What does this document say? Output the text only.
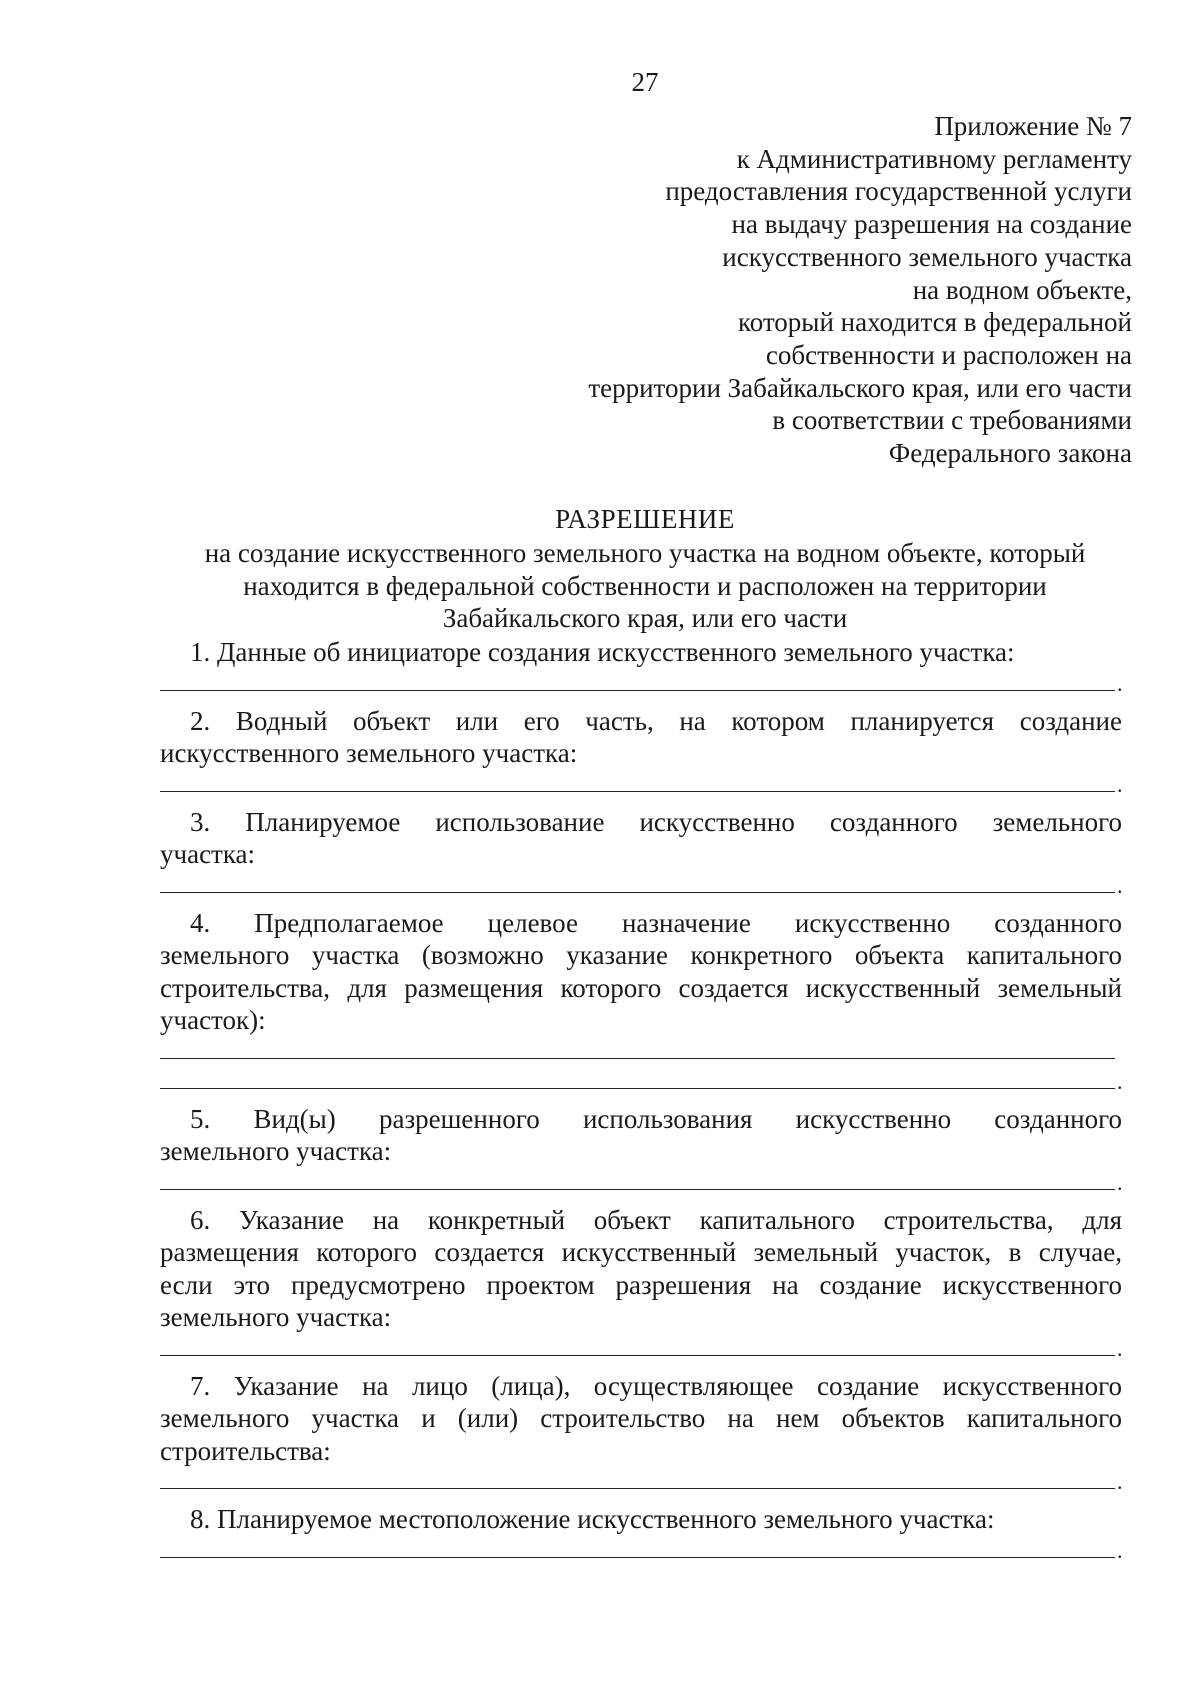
27
Приложение № 7
к Административному регламенту
предоставления государственной услуги
на выдачу разрешения на создание
искусственного земельного участка
на водном объекте,
который находится в федеральной
собственности и расположен на
территории Забайкальского края, или его части
в соответствии с требованиями
Федерального закона
РАЗРЕШЕНИЕ
на создание искусственного земельного участка на водном объекте, который
находится в федеральной собственности и расположен на территории
Забайкальского края, или его части
1. Данные об инициаторе создания искусственного земельного участка:
.
2. Водный объект или его часть, на котором планируется создание
искусственного земельного участка:
.
3. Планируемое использование искусственно созданного земельного
участка:
.
4. Предполагаемое целевое назначение искусственно созданного
земельного участка (возможно указание конкретного объекта капитального
строительства, для размещения которого создается искусственный земельный
участок):
.
5. Вид(ы) разрешенного использования искусственно созданного
земельного участка:
.
6. Указание на конкретный объект капитального строительства, для
размещения которого создается искусственный земельный участок, в случае,
если это предусмотрено проектом разрешения на создание искусственного
земельного участка:
.
7. Указание на лицо (лица), осуществляющее создание искусственного
земельного участка и (или) строительство на нем объектов капитального
строительства:
.
8. Планируемое местоположение искусственного земельного участка:
.
